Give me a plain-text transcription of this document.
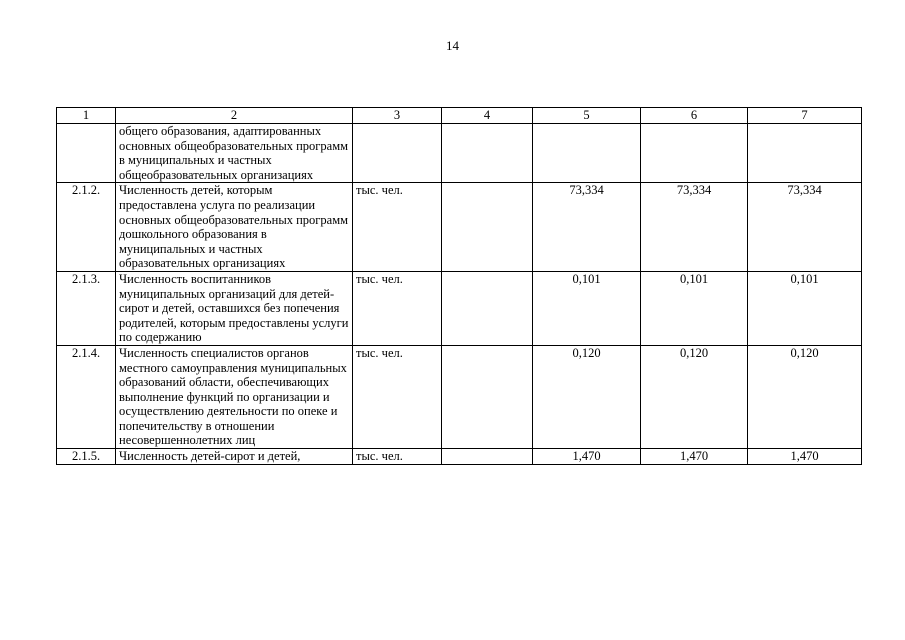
14
1	2	3	4	5	6	7
	общего образования, адаптированных основных общеобразовательных программ в муниципальных и частных общеобразовательных организациях					
2.1.2.	Численность детей, которым предоставлена услуга по реализации основных общеобразовательных программ дошкольного образования в муниципальных и частных образовательных организациях	тыс. чел.		73,334	73,334	73,334
2.1.3.	Численность воспитанников муниципальных организаций для детей-сирот и детей, оставшихся без попечения родителей, которым предоставлены услуги по содержанию	тыс. чел.		0,101	0,101	0,101
2.1.4.	Численность специалистов органов местного самоуправления муниципальных образований области, обеспечивающих выполнение функций по организации и осуществлению деятельности по опеке и попечительству в отношении несовершеннолетних лиц	тыс. чел.		0,120	0,120	0,120
2.1.5.	Численность детей-сирот и детей,	тыс. чел.		1,470	1,470	1,470
